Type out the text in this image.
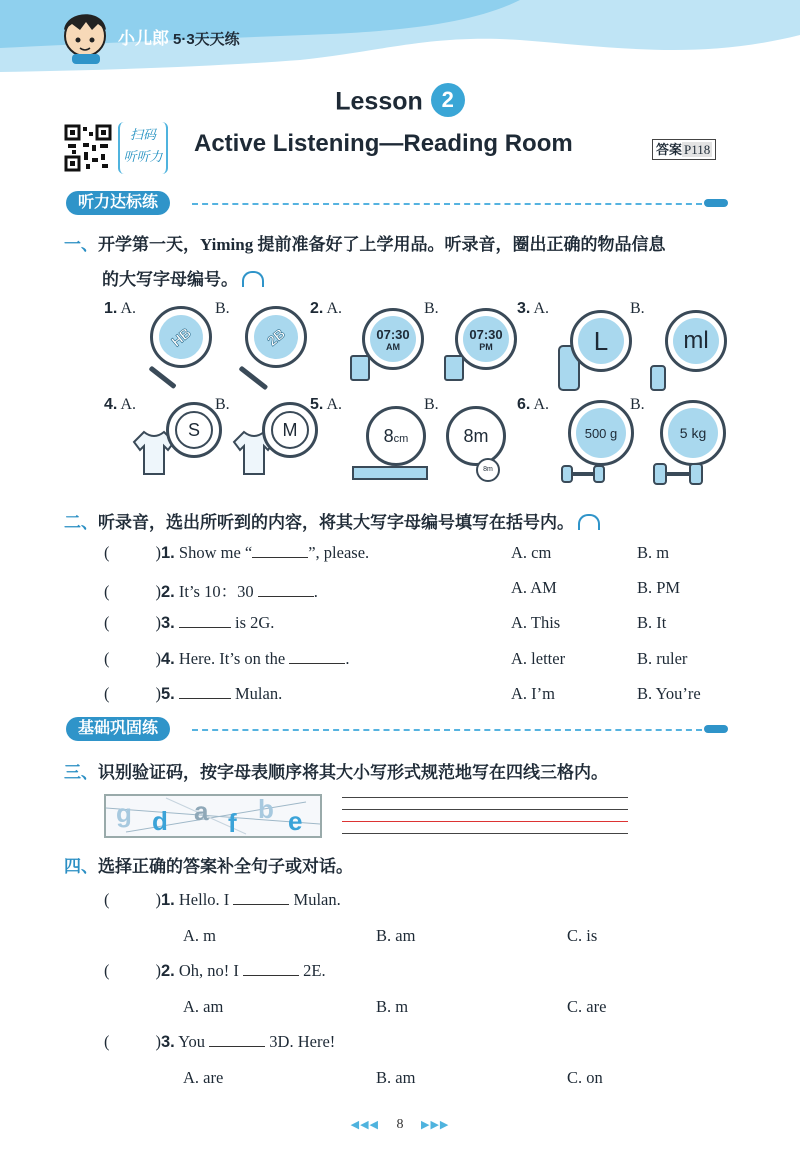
小儿郎 5·3天天练
Lesson 2
扫码
听听力 Active Listening—Reading Room	答案 P118
听力达标练
一、开学第一天，Yiming 提前准备好了上学用品。听录音，圈出正确的物品信息
的大写字母编号。
1. A.	B.
HB	2B
2. A.	B.
07:30
AM
07:30
PM
3. A.	B.
L	ml
4. A.	B.
S	M
5. A.	B.
8cm	8m
8m
6. A.	B.
500 g	5 kg
二、听录音，选出所听到的内容，将其大写字母编号填写在括号内。
(	)1. Show me “	”, please.	A. cm	B. m
(	)2. It’s 10：30	.	A. AM	B. PM
(	)3.	is 2G.	A. This	B. It
(	)4. Here. It’s on the	.	A. letter	B. ruler
(	)5.	Mulan.	A. I’m	B. You’re
基础巩固练
三、识别验证码，按字母表顺序将其大小写形式规范地写在四线三格内。
g d a f b e
四、选择正确的答案补全句子或对话。
(	)1. Hello. I	Mulan.
A. m	B. am	C. is
(	)2. Oh, no! I	2E.
A. am	B. m	C. are
(	)3. You	3D. Here!
A. are	B. am	C. on
◀◀◀ 8 ▶▶▶
